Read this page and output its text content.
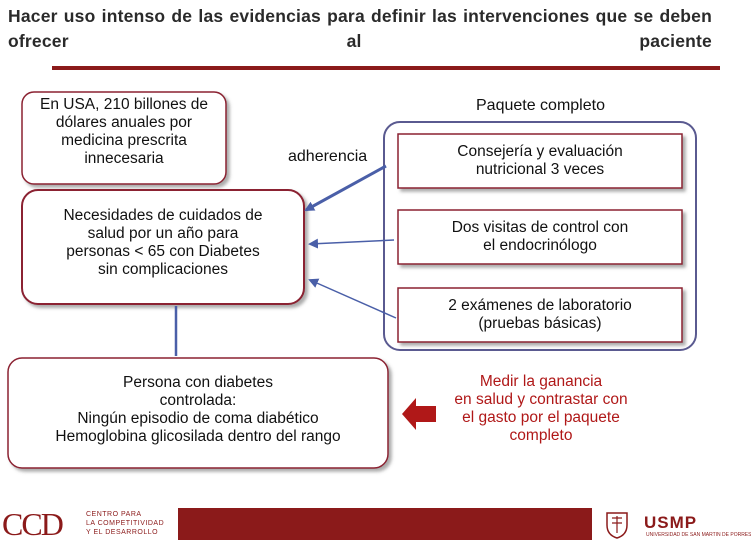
Hacer uso intenso de las evidencias para definir las intervenciones que se deben ofrecer al paciente
En USA, 210 billones de
dólares anuales por
medicina prescrita
innecesaria
Necesidades de cuidados de
salud por un año para
personas < 65 con Diabetes
sin complicaciones
Persona con diabetes
controlada:
Ningún episodio de coma diabético
Hemoglobina glicosilada dentro del rango
adherencia
Paquete completo
Consejería y evaluación
nutricional 3 veces
Dos visitas de control con
el endocrinólogo
2 exámenes de laboratorio
(pruebas básicas)
Medir la ganancia
en salud y contrastar con
el gasto por el paquete
completo
CCD	CENTRO PARA
LA COMPETITIVIDAD
Y EL DESARROLLO
USMP
UNIVERSIDAD DE SAN MARTIN DE PORRES
